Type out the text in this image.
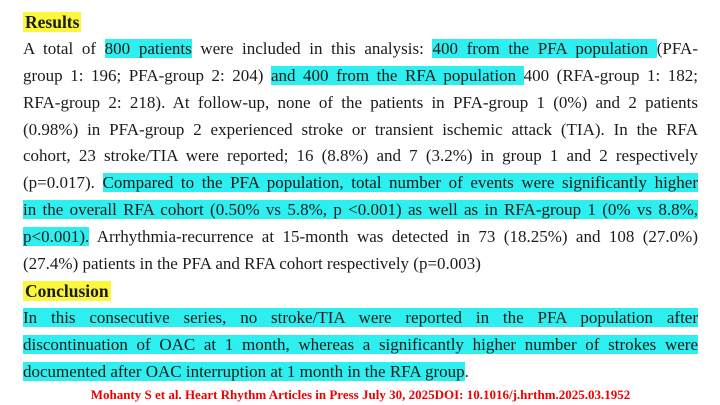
Results
A total of 800 patients were included in this analysis: 400 from the PFA population (PFA-
group 1: 196; PFA-group 2: 204) and 400 from the RFA population 400 (RFA-group 1: 182;
RFA-group 2: 218). At follow-up, none of the patients in PFA-group 1 (0%) and 2 patients
(0.98%) in PFA-group 2 experienced stroke or transient ischemic attack (TIA). In the RFA
cohort, 23 stroke/TIA were reported; 16 (8.8%) and 7 (3.2%) in group 1 and 2 respectively
(p=0.017). Compared to the PFA population, total number of events were significantly higher
in the overall RFA cohort (0.50% vs 5.8%, p <0.001) as well as in RFA-group 1 (0% vs 8.8%,
p<0.001). Arrhythmia-recurrence at 15-month was detected in 73 (18.25%) and 108 (27.0%)
(27.4%) patients in the PFA and RFA cohort respectively (p=0.003)
Conclusion
In this consecutive series, no stroke/TIA were reported in the PFA population after
discontinuation of OAC at 1 month, whereas a significantly higher number of strokes were
documented after OAC interruption at 1 month in the RFA group.
Mohanty S et al. Heart Rhythm Articles in Press July 30, 2025DOI: 10.1016/j.hrthm.2025.03.1952
